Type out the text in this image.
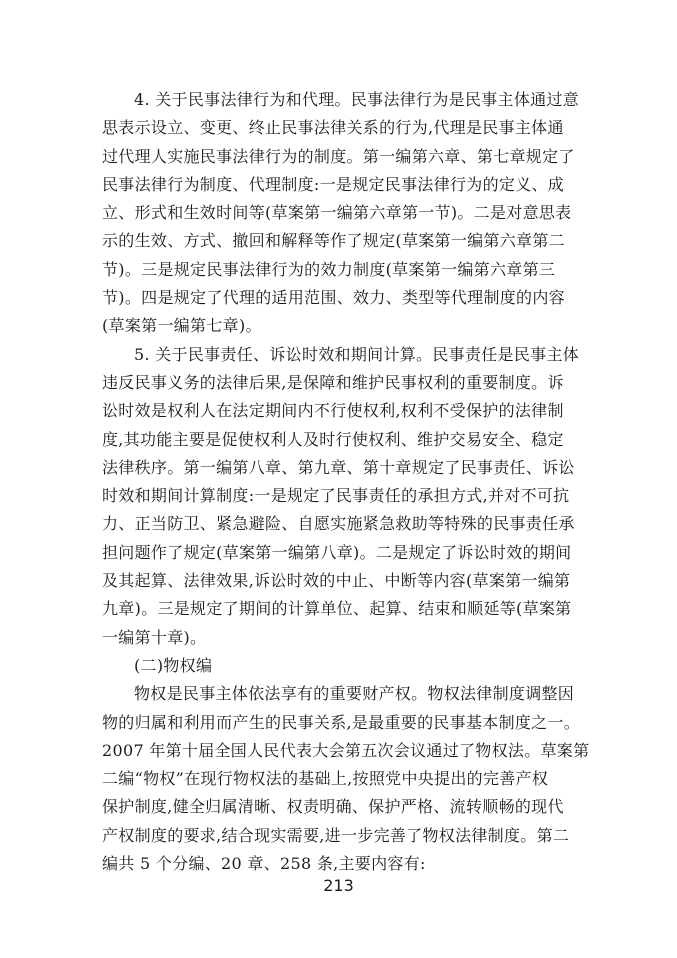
4. 关于民事法律行为和代理。民事法律行为是民事主体通过意
思表示设立、变更、终止民事法律关系的行为,代理是民事主体通
过代理人实施民事法律行为的制度。第一编第六章、第七章规定了
民事法律行为制度、代理制度:一是规定民事法律行为的定义、成
立、形式和生效时间等(草案第一编第六章第一节)。二是对意思表
示的生效、方式、撤回和解释等作了规定(草案第一编第六章第二
节)。三是规定民事法律行为的效力制度(草案第一编第六章第三
节)。四是规定了代理的适用范围、效力、类型等代理制度的内容
(草案第一编第七章)。
5. 关于民事责任、诉讼时效和期间计算。民事责任是民事主体
违反民事义务的法律后果,是保障和维护民事权利的重要制度。诉
讼时效是权利人在法定期间内不行使权利,权利不受保护的法律制
度,其功能主要是促使权利人及时行使权利、维护交易安全、稳定
法律秩序。第一编第八章、第九章、第十章规定了民事责任、诉讼
时效和期间计算制度:一是规定了民事责任的承担方式,并对不可抗
力、正当防卫、紧急避险、自愿实施紧急救助等特殊的民事责任承
担问题作了规定(草案第一编第八章)。二是规定了诉讼时效的期间
及其起算、法律效果,诉讼时效的中止、中断等内容(草案第一编第
九章)。三是规定了期间的计算单位、起算、结束和顺延等(草案第
一编第十章)。
(二)物权编
物权是民事主体依法享有的重要财产权。物权法律制度调整因
物的归属和利用而产生的民事关系,是最重要的民事基本制度之一。
2007 年第十届全国人民代表大会第五次会议通过了物权法。草案第
二编“物权”在现行物权法的基础上,按照党中央提出的完善产权
保护制度,健全归属清晰、权责明确、保护严格、流转顺畅的现代
产权制度的要求,结合现实需要,进一步完善了物权法律制度。第二
编共 5 个分编、20 章、258 条,主要内容有:
213
